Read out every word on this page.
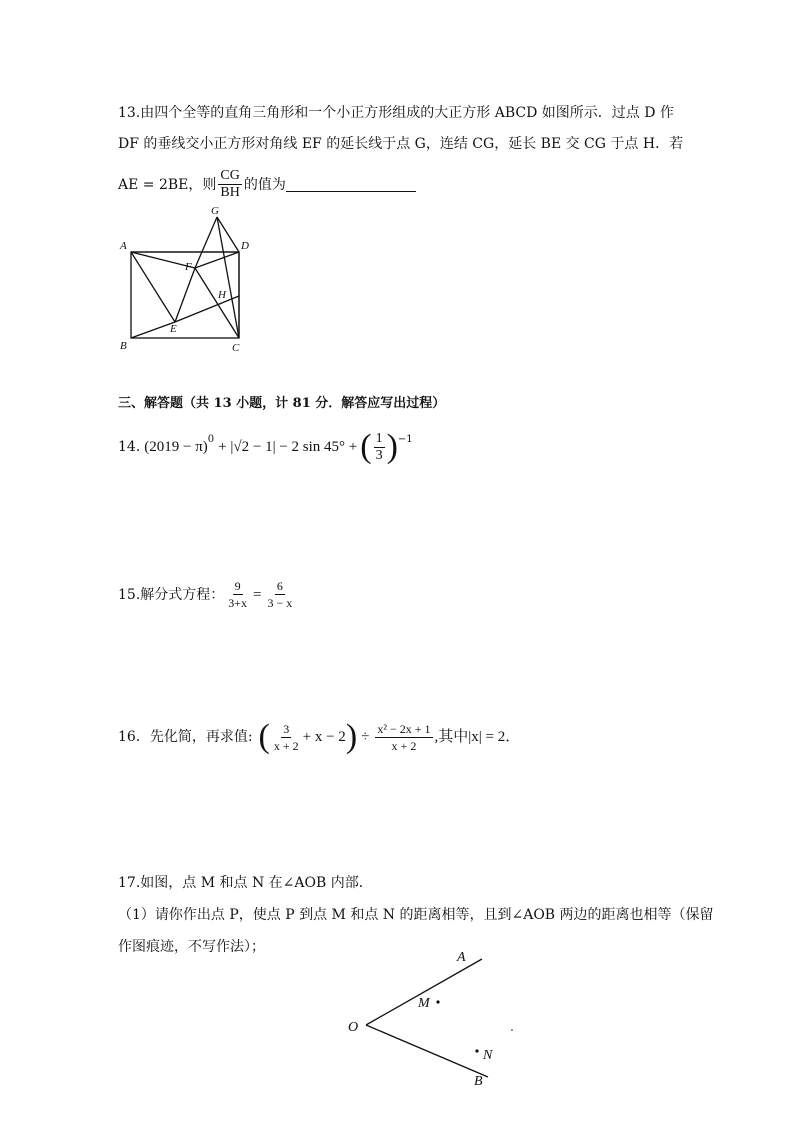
13.由四个全等的直角三角形和一个小正方形组成的大正方形 ABCD 如图所示．过点 D 作
DF 的垂线交小正方形对角线 EF 的延长线于点 G，连结 CG，延长 BE 交 CG 于点 H．若
AE = 2BE，则 $\frac{CG}{BH}$ 的值为
A
B	C
D
E
F
G
H
三、解答题（共 13 小题，计 81 分．解答应写出过程）
14. $(2019 - \pi)^0 + |√2 - 1| - 2$ sin 45° + ( $\frac{1}{3} )^{-1}$
15.解分式方程： $\frac{9}{3+x} = \frac{6}{3 - x}$
16．先化简，再求值: ( $\frac{3}{x + 2} + x - 2$ ) ÷ $\frac{\text{x² − 2x + 1}}{x + 2}$ ,其中|x| = 2．
17.如图，点 M 和点 N 在∠AOB 内部．
（1）请你作出点 P，使点 P 到点 M 和点 N 的距离相等，且到∠AOB 两边的距离也相等（保留
作图痕迹，不写作法）；
A
B
O
M
N
